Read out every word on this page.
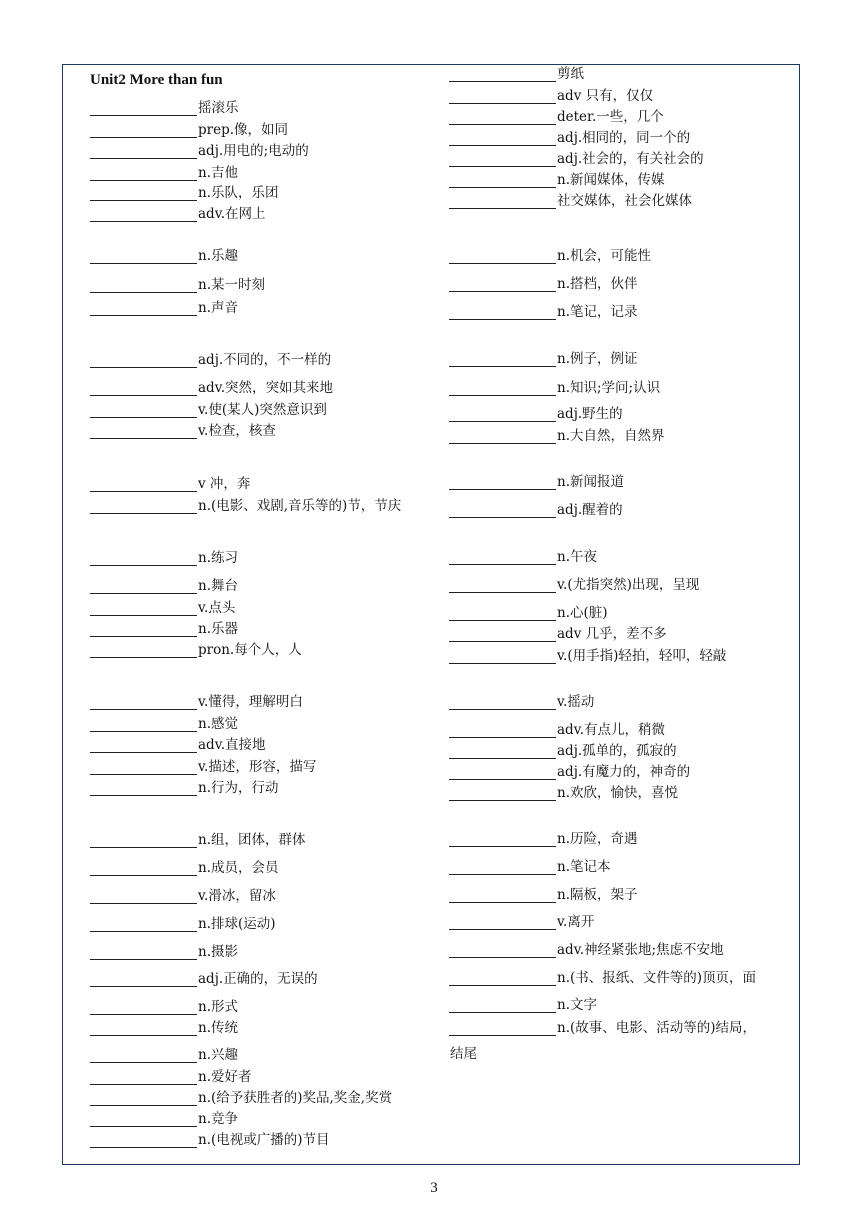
Unit2 More than fun
摇滚乐
prep.像，如同
adj.用电的;电动的
n.吉他
n.乐队，乐团
adv.在网上
n.乐趣
n.某一时刻
n.声音
adj.不同的，不一样的
adv.突然，突如其来地
v.使(某人)突然意识到
v.检查，核查
v 冲，奔
n.(电影、戏剧,音乐等的)节，节庆
n.练习
n.舞台
v.点头
n.乐器
pron.每个人，人
v.懂得，理解明白
n.感觉
adv.直接地
v.描述，形容，描写
n.行为，行动
n.组，团体，群体
n.成员，会员
v.滑冰，留冰
n.排球(运动)
n.摄影
adj.正确的，无误的
n.形式
n.传统
n.兴趣
n.爱好者
n.(给予获胜者的)奖品,奖金,奖赏
n.竞争
n.(电视或广播的)节目
剪纸
adv 只有，仅仅
deter.一些，几个
adj.相同的，同一个的
adj.社会的，有关社会的
n.新闻媒体，传媒
社交媒体，社会化媒体
n.机会，可能性
n.搭档，伙伴
n.笔记，记录
n.例子，例证
n.知识;学问;认识
adj.野生的
n.大自然，自然界
n.新闻报道
adj.醒着的
n.午夜
v.(尤指突然)出现，呈现
n.心(脏)
adv 几乎，差不多
v.(用手指)轻拍，轻叩，轻敲
v.摇动
adv.有点儿，稍微
adj.孤单的，孤寂的
adj.有魔力的，神奇的
n.欢欣，愉快，喜悦
n.历险，奇遇
n.笔记本
n.隔板，架子
v.离开
adv.神经紧张地;焦虑不安地
n.(书、报纸、文件等的)顶页，面
n.文字
n.(故事、电影、活动等的)结局，
结尾
3
